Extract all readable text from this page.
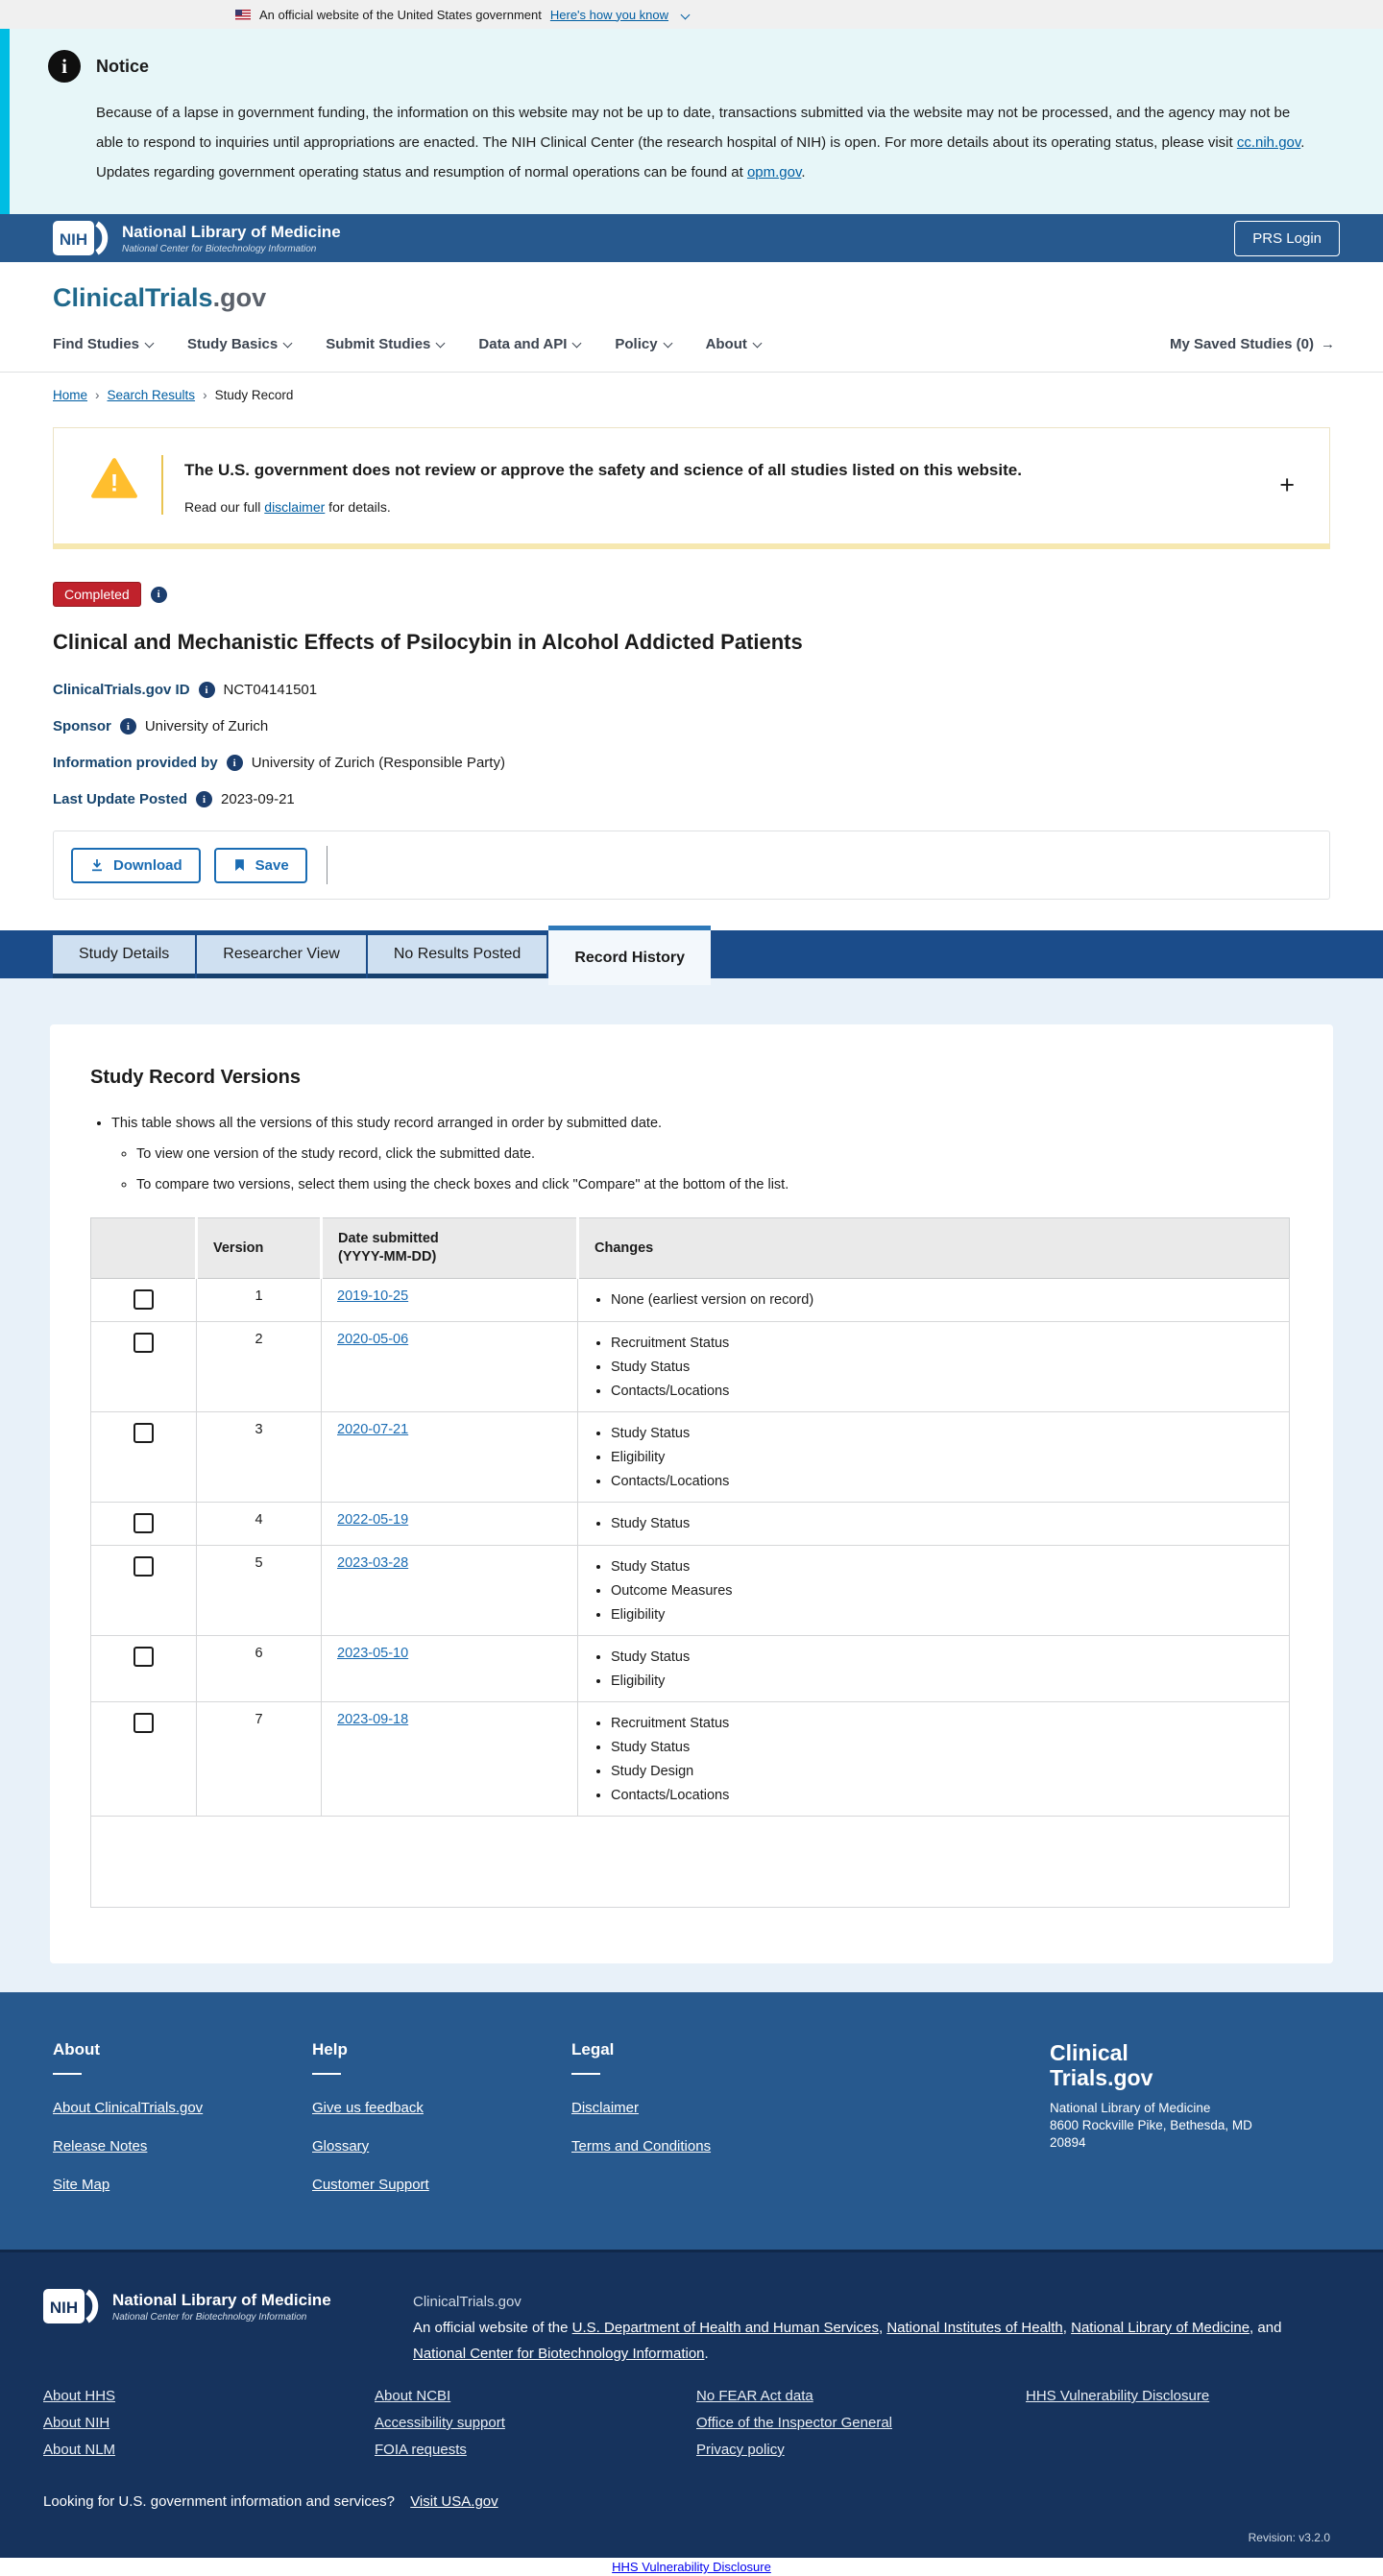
An official website of the United States government Here's how you know
i	Notice

Because of a lapse in government funding, the information on this website may not be up to date, transactions submitted via the website may not be processed, and the agency may not be able to respond to inquiries until appropriations are enacted. The NIH Clinical Center (the research hospital of NIH) is open. For more details about its operating status, please visit cc.nih.gov. Updates regarding government operating status and resumption of normal operations can be found at opm.gov.

NIH National Library of Medicine
National Center for Biotechnology Information
PRS Login
ClinicalTrials.gov
Find Studies	Study Basics	Submit Studies	Data and API	Policy	About	My Saved Studies (0) →
Home › Search Results › Study Record
!	The U.S. government does not review or approve the safety and science of all studies listed on this website.
Read our full disclaimer for details.
+
Completed	i
Clinical and Mechanistic Effects of Psilocybin in Alcohol Addicted Patients
ClinicalTrials.gov ID	i	NCT04141501
Sponsor	i	University of Zurich
Information provided by	i	University of Zurich (Responsible Party)
Last Update Posted	i	2023-09-21
Download	Save
Study Details	Researcher View	No Results Posted	Record History
Study Record Versions
• This table shows all the versions of this study record arranged in order by submitted date.
◦ To view one version of the study record, click the submitted date.
◦ To compare two versions, select them using the check boxes and click "Compare" at the bottom of the list.
	Version	Date submitted
(YYYY-MM-DD)	Changes
	1	2019-10-25	
•None (earliest version on record)

	2	2020-05-06	
•Recruitment Status
• Study Status
• Contacts/Locations

	3	2020-07-21	
•Study Status
• Eligibility
• Contacts/Locations

	4	2022-05-19	
•Study Status

	5	2023-03-28	
•Study Status
• Outcome Measures
• Eligibility

	6	2023-05-10	
•Study Status
• Eligibility

	7	2023-09-18	
•Recruitment Status
• Study Status
• Study Design
• Contacts/Locations

About
About ClinicalTrials.gov
Release Notes
Site Map
Help
Give us feedback
Glossary
Customer Support
Legal
Disclaimer
Terms and Conditions
Clinical
Trials.gov
National Library of Medicine
8600 Rockville Pike, Bethesda, MD
20894
NIH National Library of Medicine
National Center for Biotechnology Information
ClinicalTrials.gov
An official website of the U.S. Department of Health and Human Services, National Institutes of Health, National Library of Medicine, and National Center for Biotechnology Information.
About HHS
About NIH
About NLM
About NCBI
Accessibility support
FOIA requests
No FEAR Act data
Office of the Inspector General
Privacy policy
HHS Vulnerability Disclosure
Looking for U.S. government information and services? Visit USA.gov
Revision: v3.2.0
HHS Vulnerability Disclosure
